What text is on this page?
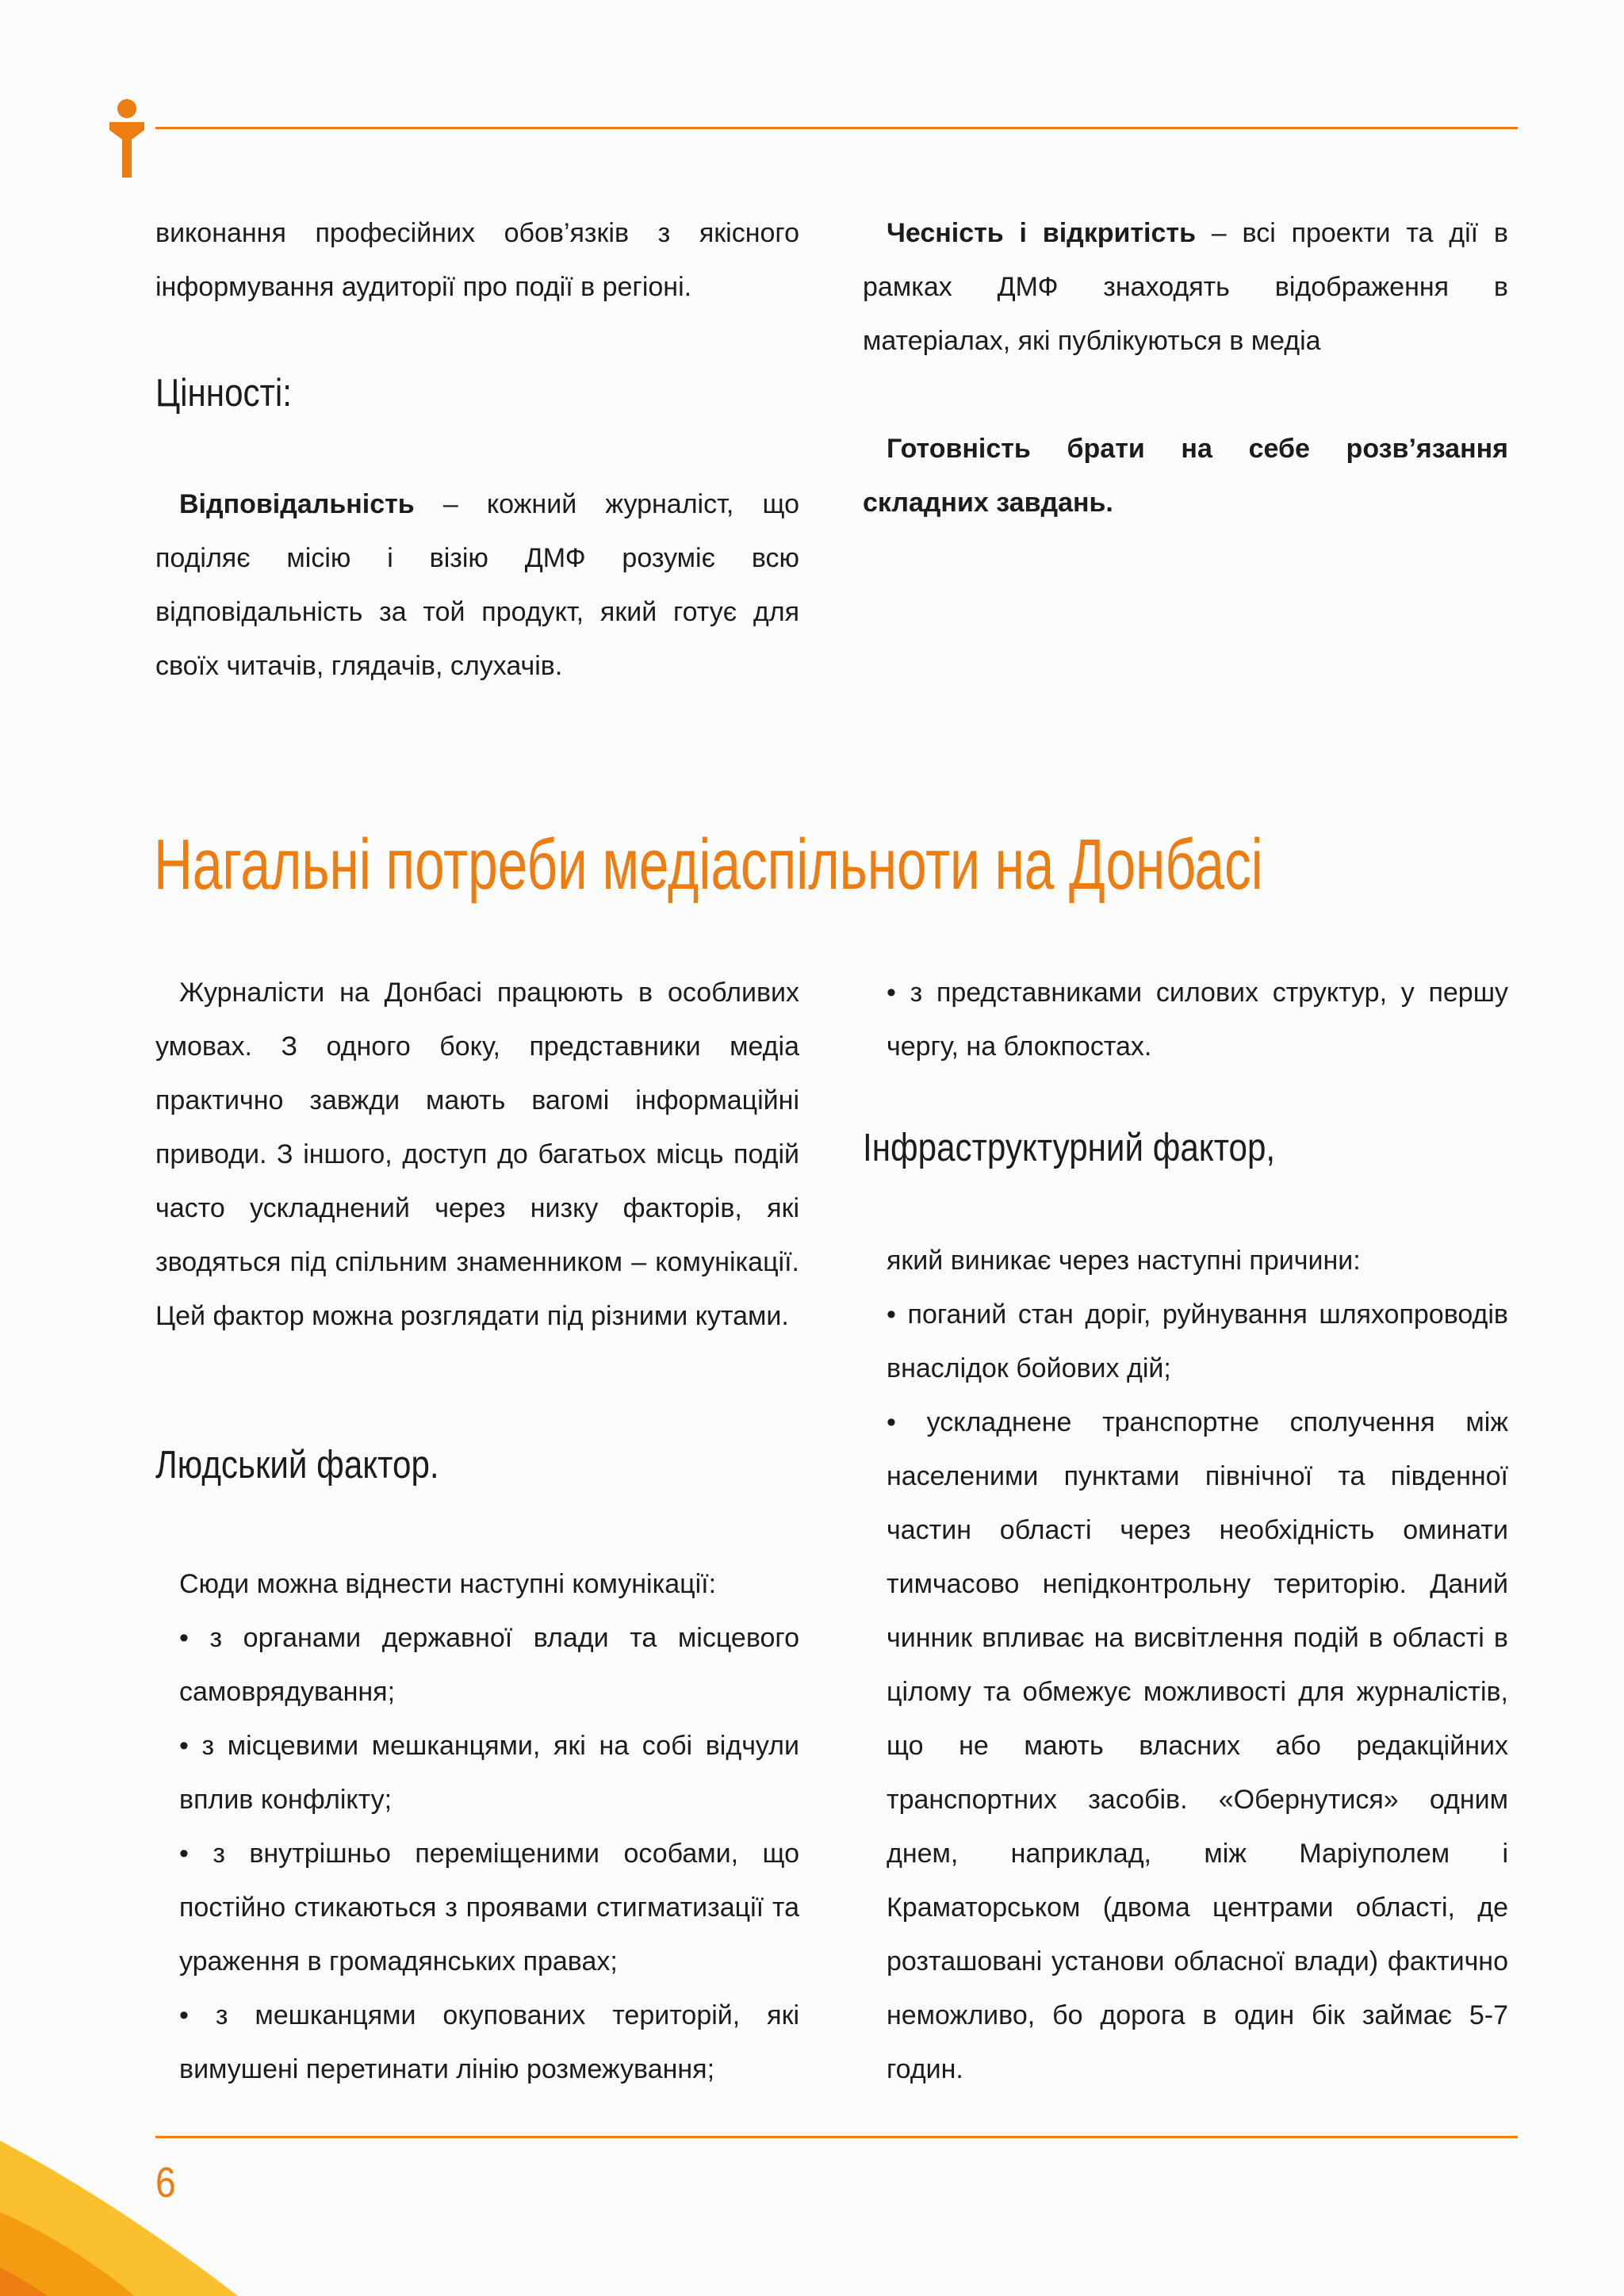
виконання професійних обов’язків з якісного інформування аудиторії про події в регіоні.

Цінності:

Відповідальність – кожний журналіст, що поділяє місію і візію ДМФ розуміє всю відповідальність за той продукт, який готує для своїх читачів, глядачів, слухачів.

Чесність і відкритість – всі проекти та дії в рамках ДМФ знаходять відображення в матеріалах, які публікуються в медіа

Готовність брати на себе розв’язання складних завдань.

Нагальні потреби медіаспільноти на Донбасі

Журналісти на Донбасі працюють в особливих умовах. З одного боку, представники медіа практично завжди мають вагомі інформаційні приводи. З іншого, доступ до багатьох місць подій часто ускладнений через низку факторів, які зводяться під спільним знаменником – комунікації. Цей фактор можна розглядати під різними кутами.

Людський фактор.

Сюди можна віднести наступні комунікації:

• з органами державної влади та місцевого самоврядування;

• з місцевими мешканцями, які на собі відчули вплив конфлікту;

• з внутрішньо переміщеними особами, що постійно стикаються з проявами стигматизації та ураження в громадянських правах;

• з мешканцями окупованих територій, які вимушені перетинати лінію розмежування;

• з представниками силових структур, у першу чергу, на блокпостах.

Інфраструктурний фактор,

який виникає через наступні причини:

• поганий стан доріг, руйнування шляхопроводів внаслідок бойових дій;

• ускладнене транспортне сполучення між населеними пунктами північної та південної частин області через необхідність оминати тимчасово непідконтрольну територію. Даний чинник впливає на висвітлення подій в області в цілому та обмежує можливості для журналістів, що не мають власних або редакційних транспортних засобів. «Обернутися» одним днем, наприклад, між Маріуполем і Краматорськом (двома центрами області, де розташовані установи обласної влади) фактично неможливо, бо дорога в один бік займає 5-7 годин.

6
